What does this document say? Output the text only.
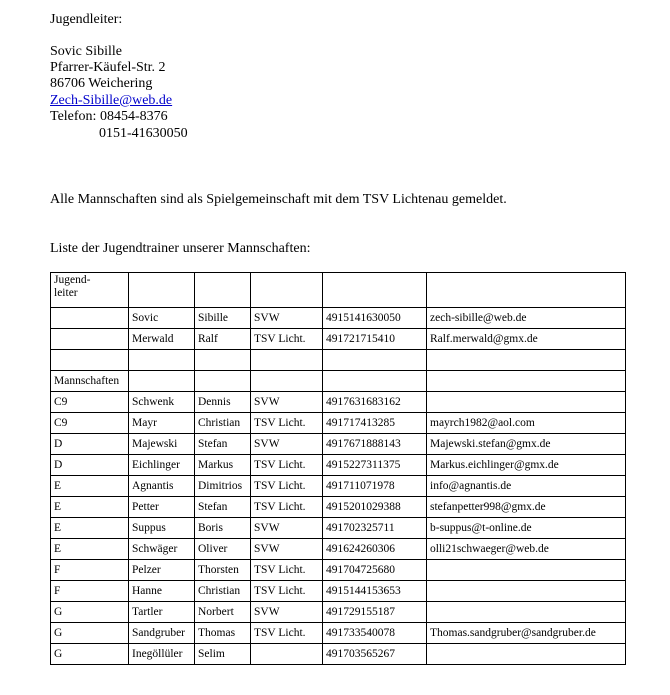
Jugendleiter:
Sovic Sibille
Pfarrer-Käufel-Str. 2
86706 Weichering
Zech-Sibille@web.de
Telefon: 08454-8376
0151-41630050
Alle Mannschaften sind als Spielgemeinschaft mit dem TSV Lichtenau gemeldet.
Liste der Jugendtrainer unserer Mannschaften:
Jugend-
leiter					
	Sovic	Sibille	SVW	4915141630050	zech-sibille@web.de
	Merwald	Ralf	TSV Licht.	491721715410	Ralf.merwald@gmx.de

Mannschaften					
C9	Schwenk	Dennis	SVW	491763168316​2	
C9	Mayr	Christian	TSV Licht.	491717413285	mayrch1982@aol.com
D	Majewski	Stefan	SVW	491767188814​3	Majewski.stefan@gmx.de
D	Eichlinger	Markus	TSV Licht.	4915227311375	Markus.eichlinger@gmx.de
E	Agnantis	Dimitrios	TSV Licht.	491711071978	info@agnantis.de
E	Petter	Stefan	TSV Licht.	4915201029388	stefanpetter998@gmx.de
E	Suppus	Boris	SVW	491702325711	b-suppus@t-online.de
E	Schwäger	Oliver	SVW	491624260306	olli21schwaeger@web.de
F	Pelzer	Thorsten	TSV Licht.	491704725680	
F	Hanne	Christian	TSV Licht.	4915144153653	
G	Tartler	Norbert	SVW	491729155187	
G	Sandgruber	Thomas	TSV Licht.	491733540078	Thomas.sandgruber@sandgruber.de
G	Inegöllüler	Selim		491703565267	
